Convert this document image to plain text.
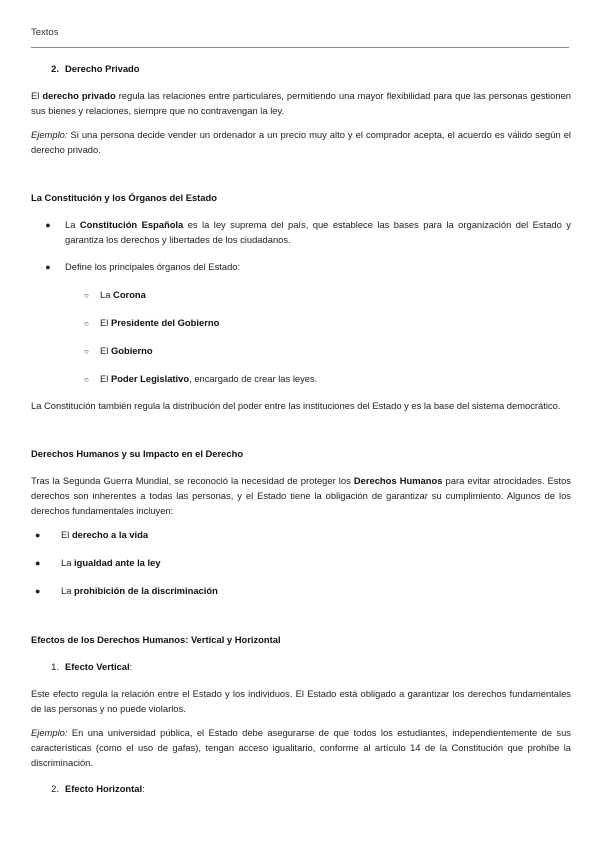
Textos
2. Derecho Privado

El derecho privado regula las relaciones entre particulares, permitiendo una mayor flexibilidad para que las personas gestionen sus bienes y relaciones, siempre que no contravengan la ley.

Ejemplo: Si una persona decide vender un ordenador a un precio muy alto y el comprador acepta, el acuerdo es válido según el derecho privado.

La Constitución y los Órganos del Estado
●	La Constitución Española es la ley suprema del país, que establece las bases para la organización del Estado y garantiza los derechos y libertades de los ciudadanos.
●	Define los principales órganos del Estado:
○	La Corona
○	El Presidente del Gobierno
○	El Gobierno
○	El Poder Legislativo, encargado de crear las leyes.

La Constitución también regula la distribución del poder entre las instituciones del Estado y es la base del sistema democrático.

Derechos Humanos y su Impacto en el Derecho

Tras la Segunda Guerra Mundial, se reconoció la necesidad de proteger los Derechos Humanos para evitar atrocidades. Estos derechos son inherentes a todas las personas, y el Estado tiene la obligación de garantizar su cumplimiento. Algunos de los derechos fundamentales incluyen:

●	El derecho a la vida
●	La igualdad ante la ley
●	La prohibición de la discriminación
Efectos de los Derechos Humanos: Vertical y Horizontal
1. Efecto Vertical:

Este efecto regula la relación entre el Estado y los individuos. El Estado está obligado a garantizar los derechos fundamentales de las personas y no puede violarlos.

Ejemplo: En una universidad pública, el Estado debe asegurarse de que todos los estudiantes, independientemente de sus características (como el uso de gafas), tengan acceso igualitario, conforme al artículo 14 de la Constitución que prohíbe la discriminación.

2. Efecto Horizontal:
